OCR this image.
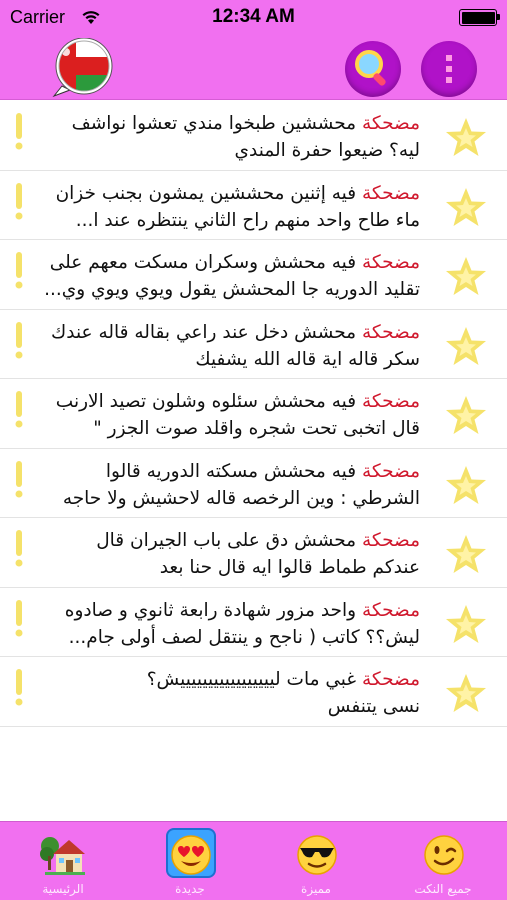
Carrier	12:34 AM
مضحكة محششين طبخوا مندي تعشوا نواشف
ليه؟ ضيعوا حفرة المندي
مضحكة فيه إثنين محششين يمشون بجنب خزان
ماء طاح واحد منهم راح الثاني ينتظره عند ا...
مضحكة فيه محشش وسكران مسكت معهم على
تقليد الدوريه جا المحشش يقول ويوي ويوي وي...
مضحكة محشش دخل عند راعي بقاله قاله عندك
سكر قاله اية قاله الله يشفيك
مضحكة فيه محشش سئلوه وشلون تصيد الارنب
قال اتخبى تحت شجره واقلد صوت الجزر "
مضحكة فيه محشش مسكته الدوريه قالوا
الشرطي : وين الرخصه قاله لاحشيش ولا حاجه
مضحكة محشش دق على باب الجيران قال
عندكم طماط قالوا ايه قال حنا بعد
مضحكة واحد مزور شهادة رابعة ثانوي و صادوه
ليش؟؟ كاتب ( ناجح و ينتقل لصف أولى جام...
مضحكة غبي مات ليييييييييييييييييش؟
نسى يتنفس
الرئيسية	جديدة	مميزة	جميع النكت
